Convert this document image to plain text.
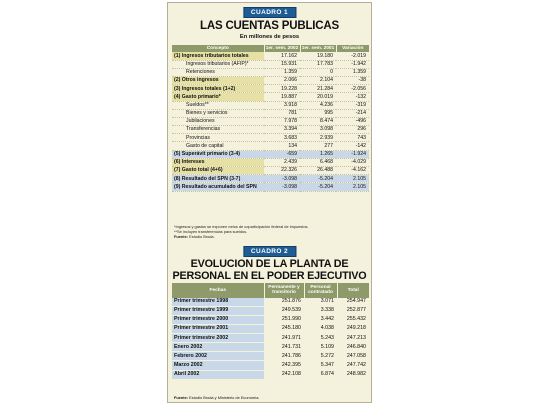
CUADRO 1
LAS CUENTAS PUBLICAS
En millones de pesos
Concepto	1er. sem. 2002	1er. sem. 2001	Variación
(1) Ingresos tributarios totales	17.162	19.180	-2.019
Ingresos tributarios (AFIP)*	15.931	17.783	-1.942
Retenciones	1.359	0	1.359
(2) Otros ingresos	2.066	2.104	-38
(3) Ingresos totales (1+2)	19.228	21.284	-2.056
(4) Gasto primario*	19.887	20.019	-132
Sueldos**	3.918	4.236	-319
Bienes y servicios	781	995	-214
Jubilaciones	7.978	8.474	-496
Transferencias	3.394	3.098	296
Provincias	3.683	2.939	743
Gasto de capital	134	277	-142
(5) Superávit primario (3-4)	-659	1.265	-1.924
(6) Intereses	2.439	6.468	-4.029
(7) Gasto total (4+6)	22.326	26.488	-4.162
(8) Resultado del SPN (3-7)	-3.098	-5.204	2.105
(9) Resultado acumulado del SPN	-3.098	-5.204	2.105
*Ingresos y gastos se exponen netos de coparticipación federal de impuestos.
**Se incluyen transferencias para sueldos.
Fuente: Estudio Broda.
CUADRO 2
EVOLUCION DE LA PLANTA DE
PERSONAL EN EL PODER EJECUTIVO
Fechas	Permanente y transitorio	Personal contratado	Total
Primer trimestre 1998	251.876	3.071	254.947
Primer trimestre 1999	249.539	3.338	252.877
Primer trimestre 2000	251.990	3.442	255.432
Primer trimestre 2001	245.180	4.038	249.218
Primer trimestre 2002	241.971	5.243	247.213
Enero 2002	241.731	5.109	246.840
Febrero 2002	241.786	5.272	247.058
Marzo 2002	242.395	5.347	247.742
Abril 2002	242.108	6.874	248.982
Fuente: Estudio Broda y Ministerio de Economía.
